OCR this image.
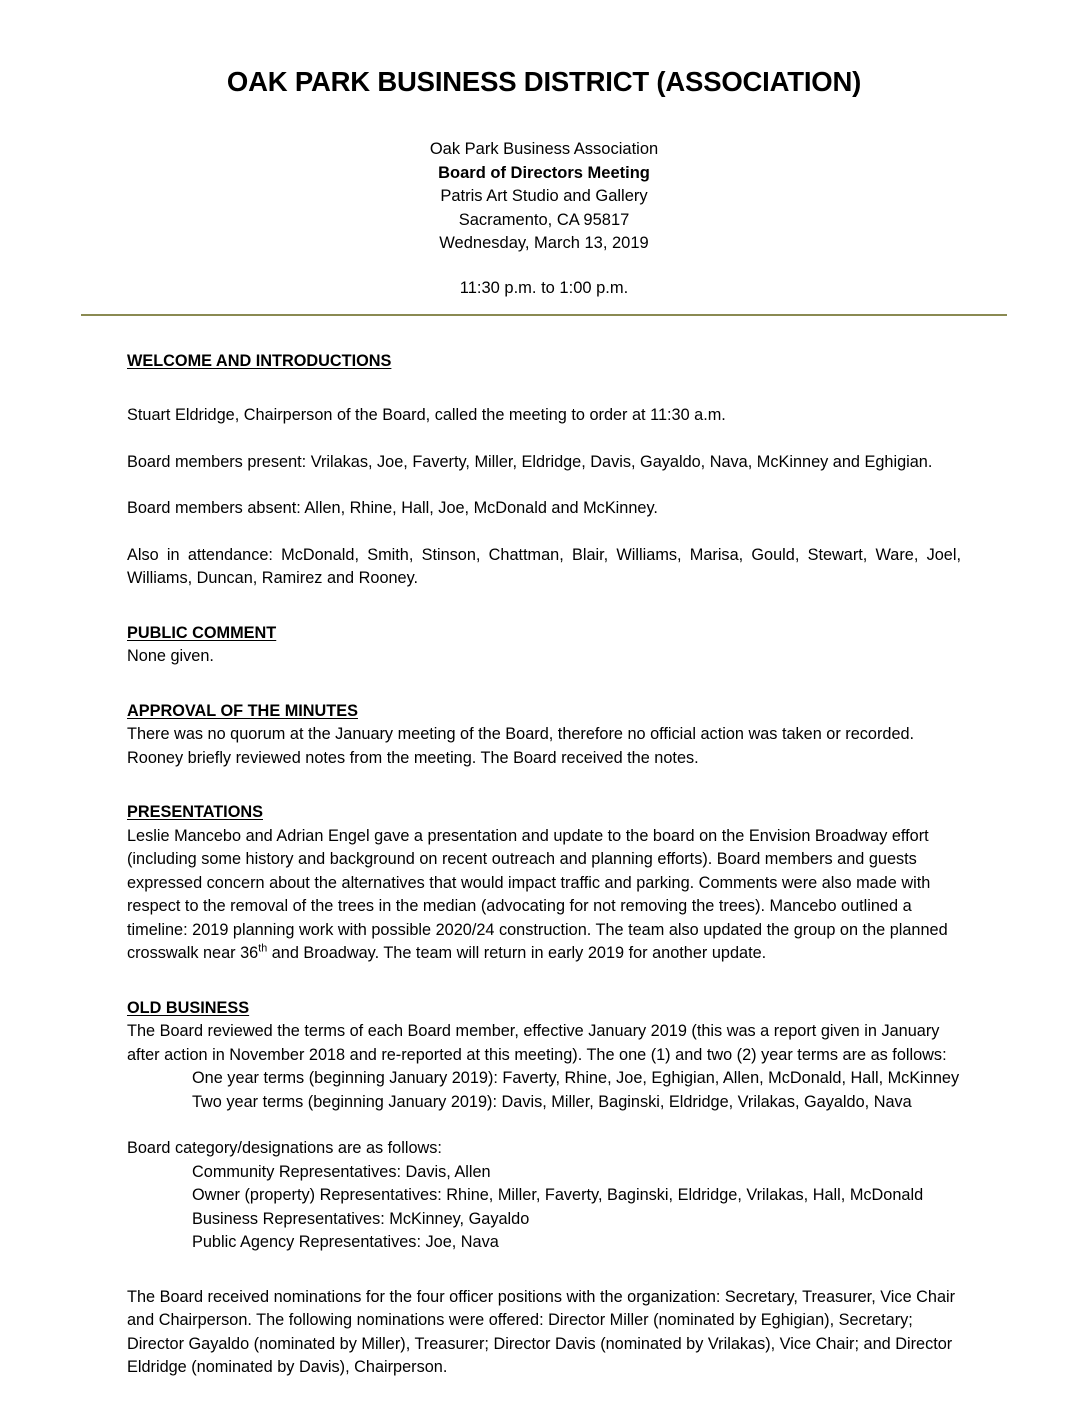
OAK PARK BUSINESS DISTRICT (ASSOCIATION)
Oak Park Business Association
Board of Directors Meeting
Patris Art Studio and Gallery
Sacramento, CA 95817
Wednesday, March 13, 2019
11:30 p.m. to 1:00 p.m.
WELCOME AND INTRODUCTIONS

Stuart Eldridge, Chairperson of the Board, called the meeting to order at 11:30 a.m.

Board members present: Vrilakas, Joe, Faverty, Miller, Eldridge, Davis, Gayaldo, Nava, McKinney and Eghigian.

Board members absent: Allen, Rhine, Hall, Joe, McDonald and McKinney.

Also in attendance: McDonald, Smith, Stinson, Chattman, Blair, Williams, Marisa, Gould, Stewart, Ware, Joel, Williams, Duncan, Ramirez and Rooney.

PUBLIC COMMENT

None given.

APPROVAL OF THE MINUTES

There was no quorum at the January meeting of the Board, therefore no official action was taken or recorded. Rooney briefly reviewed notes from the meeting. The Board received the notes.

PRESENTATIONS

Leslie Mancebo and Adrian Engel gave a presentation and update to the board on the Envision Broadway effort (including some history and background on recent outreach and planning efforts). Board members and guests expressed concern about the alternatives that would impact traffic and parking. Comments were also made with respect to the removal of the trees in the median (advocating for not removing the trees). Mancebo outlined a timeline: 2019 planning work with possible 2020/24 construction. The team also updated the group on the planned crosswalk near 36th and Broadway. The team will return in early 2019 for another update.

OLD BUSINESS

The Board reviewed the terms of each Board member, effective January 2019 (this was a report given in January after action in November 2018 and re-reported at this meeting). The one (1) and two (2) year terms are as follows:

One year terms (beginning January 2019): Faverty, Rhine, Joe, Eghigian, Allen, McDonald, Hall, McKinney

Two year terms (beginning January 2019): Davis, Miller, Baginski, Eldridge, Vrilakas, Gayaldo, Nava

Board category/designations are as follows:

Community Representatives: Davis, Allen

Owner (property) Representatives: Rhine, Miller, Faverty, Baginski, Eldridge, Vrilakas, Hall, McDonald

Business Representatives: McKinney, Gayaldo

Public Agency Representatives: Joe, Nava

The Board received nominations for the four officer positions with the organization: Secretary, Treasurer, Vice Chair and Chairperson. The following nominations were offered: Director Miller (nominated by Eghigian), Secretary; Director Gayaldo (nominated by Miller), Treasurer; Director Davis (nominated by Vrilakas), Vice Chair; and Director Eldridge (nominated by Davis), Chairperson.
